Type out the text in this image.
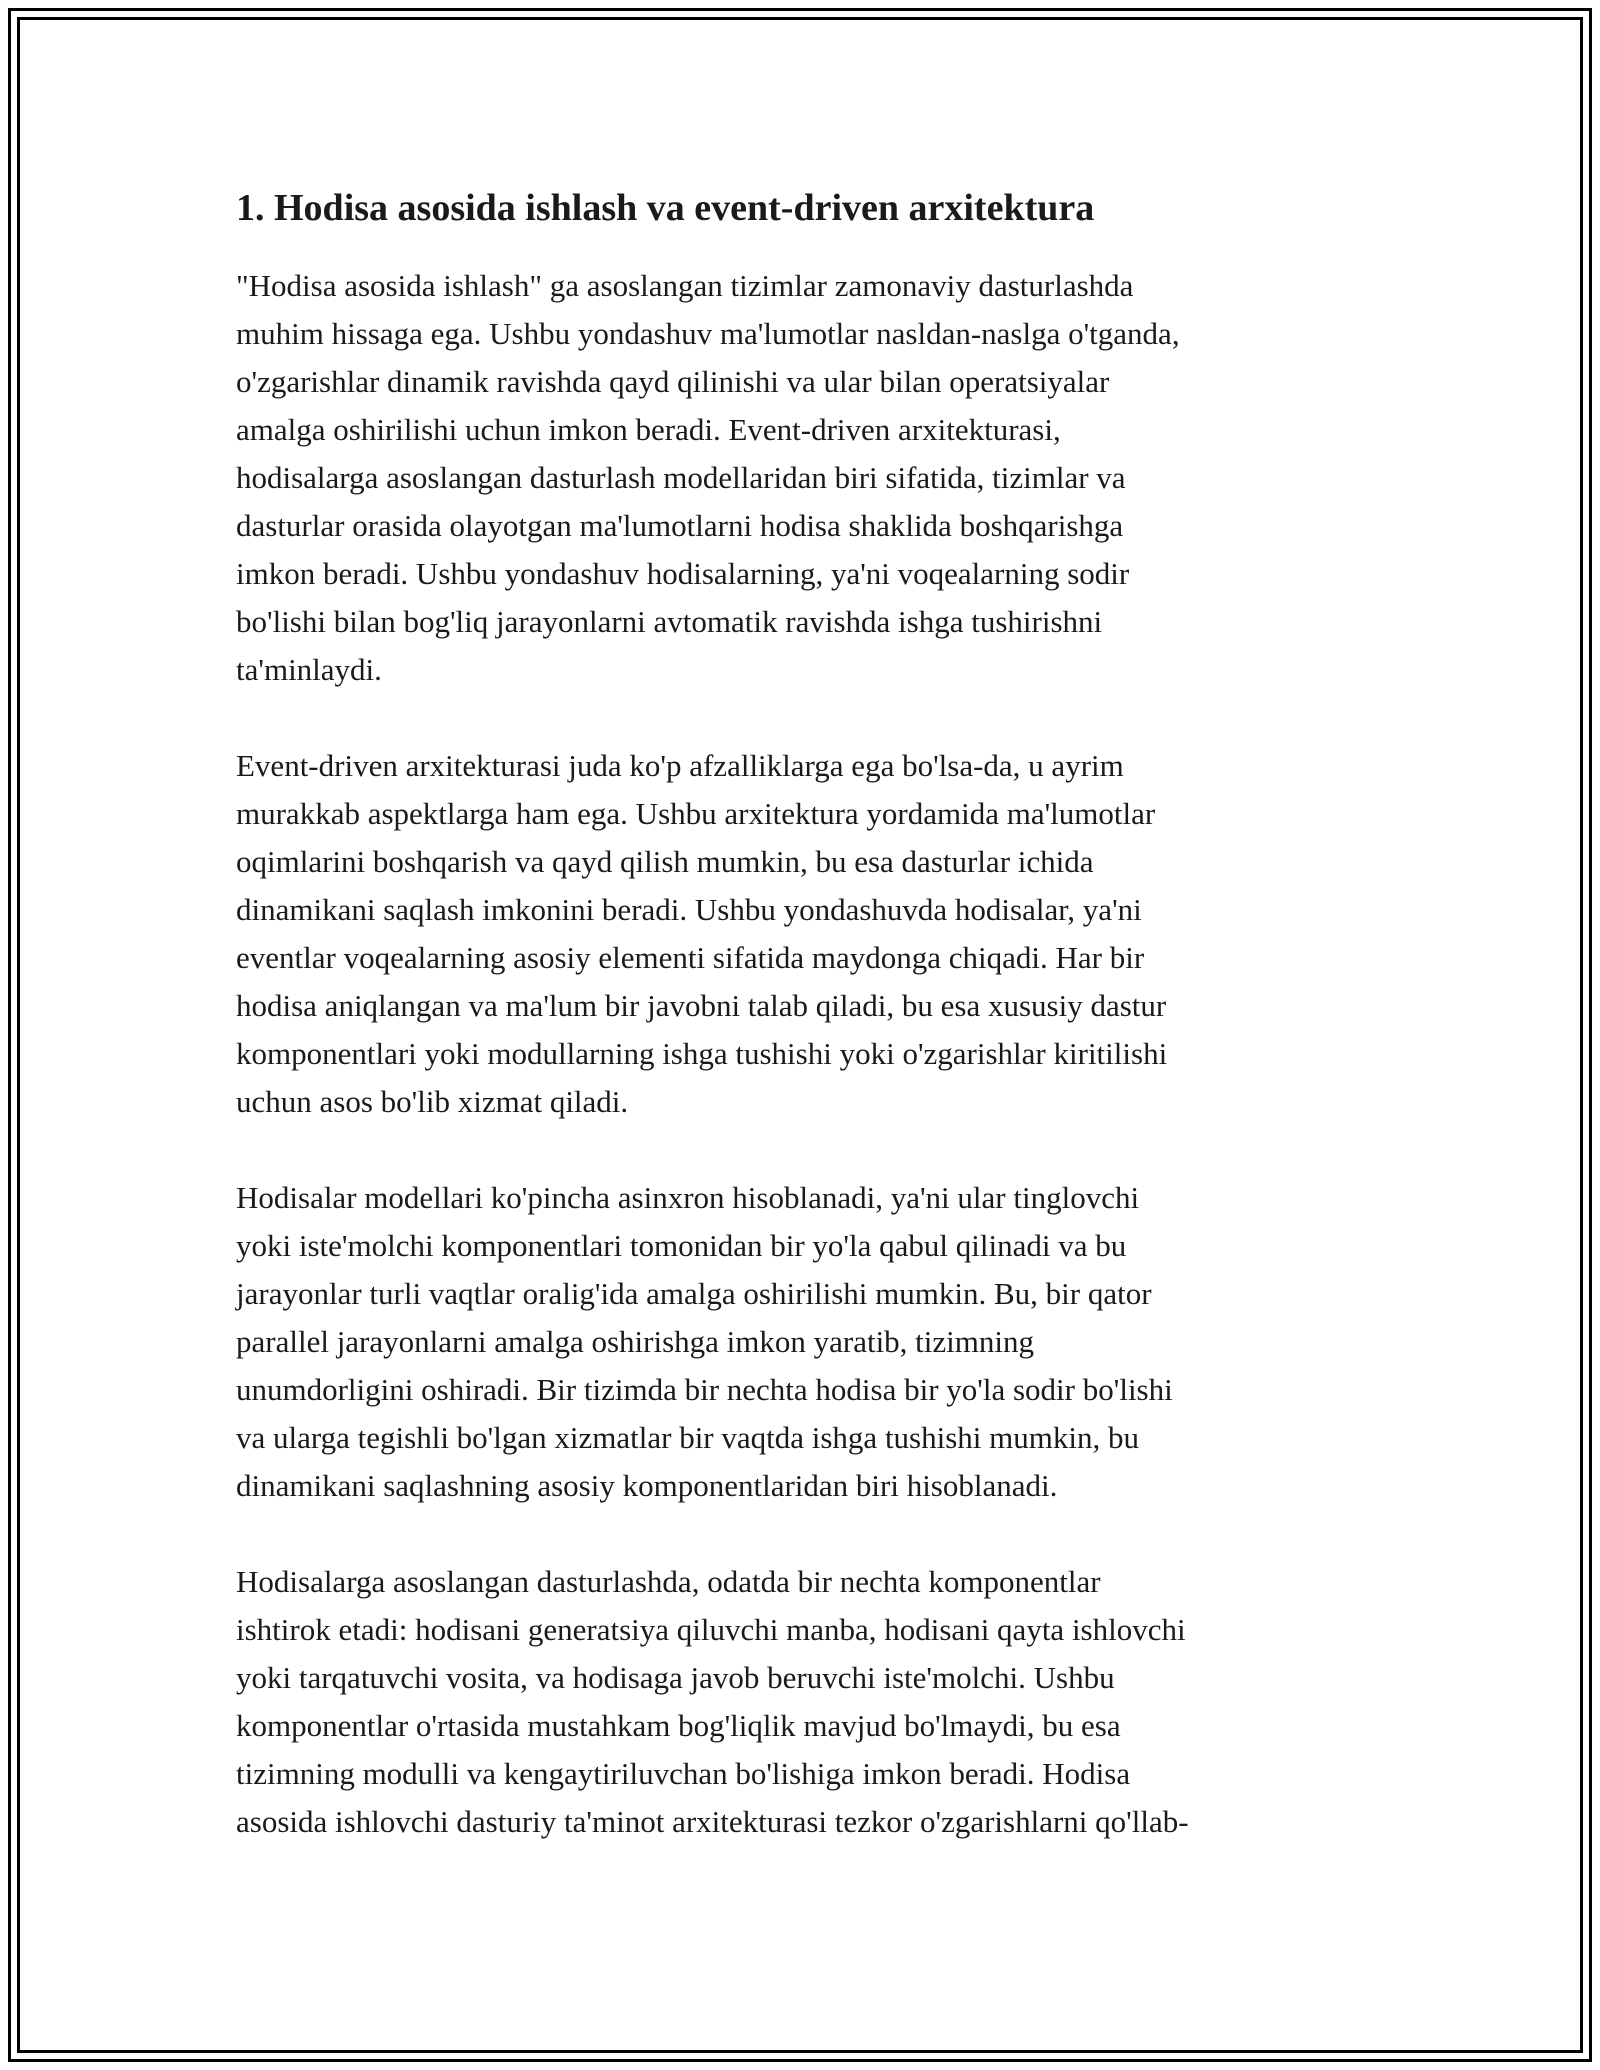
1. Hodisa asosida ishlash va event-driven arxitektura

"Hodisa asosida ishlash" ga asoslangan tizimlar zamonaviy dasturlashda
muhim hissaga ega. Ushbu yondashuv ma'lumotlar nasldan-naslga o'tganda,
o'zgarishlar dinamik ravishda qayd qilinishi va ular bilan operatsiyalar
amalga oshirilishi uchun imkon beradi. Event-driven arxitekturasi,
hodisalarga asoslangan dasturlash modellaridan biri sifatida, tizimlar va
dasturlar orasida olayotgan ma'lumotlarni hodisa shaklida boshqarishga
imkon beradi. Ushbu yondashuv hodisalarning, ya'ni voqealarning sodir
bo'lishi bilan bog'liq jarayonlarni avtomatik ravishda ishga tushirishni
ta'minlaydi.

Event-driven arxitekturasi juda ko'p afzalliklarga ega bo'lsa-da, u ayrim
murakkab aspektlarga ham ega. Ushbu arxitektura yordamida ma'lumotlar
oqimlarini boshqarish va qayd qilish mumkin, bu esa dasturlar ichida
dinamikani saqlash imkonini beradi. Ushbu yondashuvda hodisalar, ya'ni
eventlar voqealarning asosiy elementi sifatida maydonga chiqadi. Har bir
hodisa aniqlangan va ma'lum bir javobni talab qiladi, bu esa xususiy dastur
komponentlari yoki modullarning ishga tushishi yoki o'zgarishlar kiritilishi
uchun asos bo'lib xizmat qiladi.

Hodisalar modellari ko'pincha asinxron hisoblanadi, ya'ni ular tinglovchi
yoki iste'molchi komponentlari tomonidan bir yo'la qabul qilinadi va bu
jarayonlar turli vaqtlar oralig'ida amalga oshirilishi mumkin. Bu, bir qator
parallel jarayonlarni amalga oshirishga imkon yaratib, tizimning
unumdorligini oshiradi. Bir tizimda bir nechta hodisa bir yo'la sodir bo'lishi
va ularga tegishli bo'lgan xizmatlar bir vaqtda ishga tushishi mumkin, bu
dinamikani saqlashning asosiy komponentlaridan biri hisoblanadi.

Hodisalarga asoslangan dasturlashda, odatda bir nechta komponentlar
ishtirok etadi: hodisani generatsiya qiluvchi manba, hodisani qayta ishlovchi
yoki tarqatuvchi vosita, va hodisaga javob beruvchi iste'molchi. Ushbu
komponentlar o'rtasida mustahkam bog'liqlik mavjud bo'lmaydi, bu esa
tizimning modulli va kengaytiriluvchan bo'lishiga imkon beradi. Hodisa
asosida ishlovchi dasturiy ta'minot arxitekturasi tezkor o'zgarishlarni qo'llab-
